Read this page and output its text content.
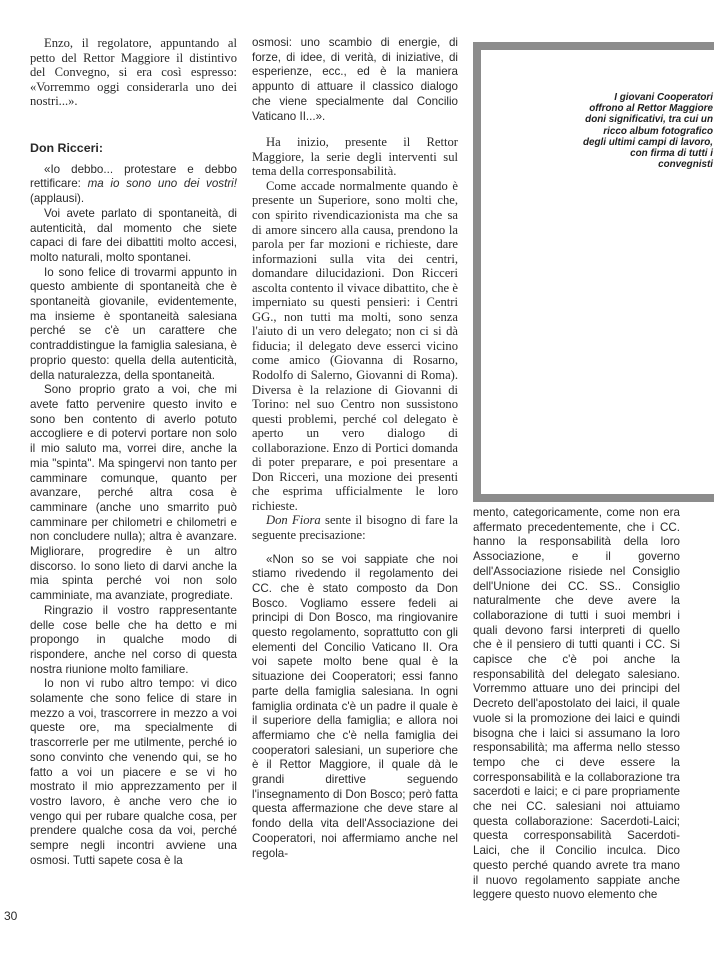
Enzo, il regolatore, appuntando al petto del Rettor Maggiore il distintivo del Convegno, si era così espresso: «Vorremmo oggi considerarla uno dei nostri...».

Don Ricceri:

«Io debbo... protestare e debbo rettificare: ma io sono uno dei vostri! (applausi).

Voi avete parlato di spontaneità, di autenticità, dal momento che siete capaci di fare dei dibattiti molto accesi, molto naturali, molto spontanei.

Io sono felice di trovarmi appunto in questo ambiente di spontaneità che è spontaneità giovanile, evidentemente, ma insieme è spontaneità salesiana perché se c'è un carattere che contraddistingue la famiglia salesiana, è proprio questo: quella della autenticità, della naturalezza, della spontaneità.

Sono proprio grato a voi, che mi avete fatto pervenire questo invito e sono ben contento di averlo potuto accogliere e di potervi portare non solo il mio saluto ma, vorrei dire, anche la mia "spinta". Ma spingervi non tanto per camminare comunque, quanto per avanzare, perché altra cosa è camminare (anche uno smarrito può camminare per chilometri e chilometri e non concludere nulla); altra è avanzare. Migliorare, progredire è un altro discorso. Io sono lieto di darvi anche la mia spinta perché voi non solo camminiate, ma avanziate, progrediate.

Ringrazio il vostro rappresentante delle cose belle che ha detto e mi propongo in qualche modo di rispondere, anche nel corso di questa nostra riunione molto familiare.

Io non vi rubo altro tempo: vi dico solamente che sono felice di stare in mezzo a voi, trascorrere in mezzo a voi queste ore, ma specialmente di trascorrerle per me utilmente, perché io sono convinto che venendo qui, se ho fatto a voi un piacere e se vi ho mostrato il mio apprezzamento per il vostro lavoro, è anche vero che io vengo qui per rubare qualche cosa, per prendere qualche cosa da voi, perché sempre negli incontri avviene una osmosi. Tutti sapete cosa è la

osmosi: uno scambio di energie, di forze, di idee, di verità, di iniziative, di esperienze, ecc., ed è la maniera appunto di attuare il classico dialogo che viene specialmente dal Concilio Vaticano II...».

Ha inizio, presente il Rettor Maggiore, la serie degli interventi sul tema della corresponsabilità.

Come accade normalmente quando è presente un Superiore, sono molti che, con spirito rivendicazionista ma che sa di amore sincero alla causa, prendono la parola per far mozioni e richieste, dare informazioni sulla vita dei centri, domandare dilucidazioni. Don Ricceri ascolta contento il vivace dibattito, che è imperniato su questi pensieri: i Centri GG., non tutti ma molti, sono senza l'aiuto di un vero delegato; non ci si dà fiducia; il delegato deve esserci vicino come amico (Giovanna di Rosarno, Rodolfo di Salerno, Giovanni di Roma). Diversa è la relazione di Giovanni di Torino: nel suo Centro non sussistono questi problemi, perché col delegato è aperto un vero dialogo di collaborazione. Enzo di Portici domanda di poter preparare, e poi presentare a Don Ricceri, una mozione dei presenti che esprima ufficialmente le loro richieste.

Don Fiora sente il bisogno di fare la seguente precisazione:

«Non so se voi sappiate che noi stiamo rivedendo il regolamento dei CC. che è stato composto da Don Bosco. Vogliamo essere fedeli ai principi di Don Bosco, ma ringiovanire questo regolamento, soprattutto con gli elementi del Concilio Vaticano II. Ora voi sapete molto bene qual è la situazione dei Cooperatori; essi fanno parte della famiglia salesiana. In ogni famiglia ordinata c'è un padre il quale è il superiore della famiglia; e allora noi affermiamo che c'è nella famiglia dei cooperatori salesiani, un superiore che è il Rettor Maggiore, il quale dà le grandi direttive seguendo l'insegnamento di Don Bosco; però fatta questa affermazione che deve stare al fondo della vita dell'Associazione dei Cooperatori, noi affermiamo anche nel regola-

I giovani Cooperatori offrono al Rettor Maggiore doni significativi, tra cui un ricco album fotografico degli ultimi campi di lavoro, con firma di tutti i convegnisti

mento, categoricamente, come non era affermato precedentemente, che i CC. hanno la responsabilità della loro Associazione, e il governo dell'Associazione risiede nel Consiglio dell'Unione dei CC. SS.. Consiglio naturalmente che deve avere la collaborazione di tutti i suoi membri i quali devono farsi interpreti di quello che è il pensiero di tutti quanti i CC. Si capisce che c'è poi anche la responsabilità del delegato salesiano. Vorremmo attuare uno dei principi del Decreto dell'apostolato dei laici, il quale vuole si la promozione dei laici e quindi bisogna che i laici si assumano la loro responsabilità; ma afferma nello stesso tempo che ci deve essere la corresponsabilità e la collaborazione tra sacerdoti e laici; e ci pare propriamente che nei CC. salesiani noi attuiamo questa collaborazione: Sacerdoti-Laici; questa corresponsabilità Sacerdoti-Laici, che il Concilio inculca. Dico questo perché quando avrete tra mano il nuovo regolamento sappiate anche leggere questo nuovo elemento che

30
